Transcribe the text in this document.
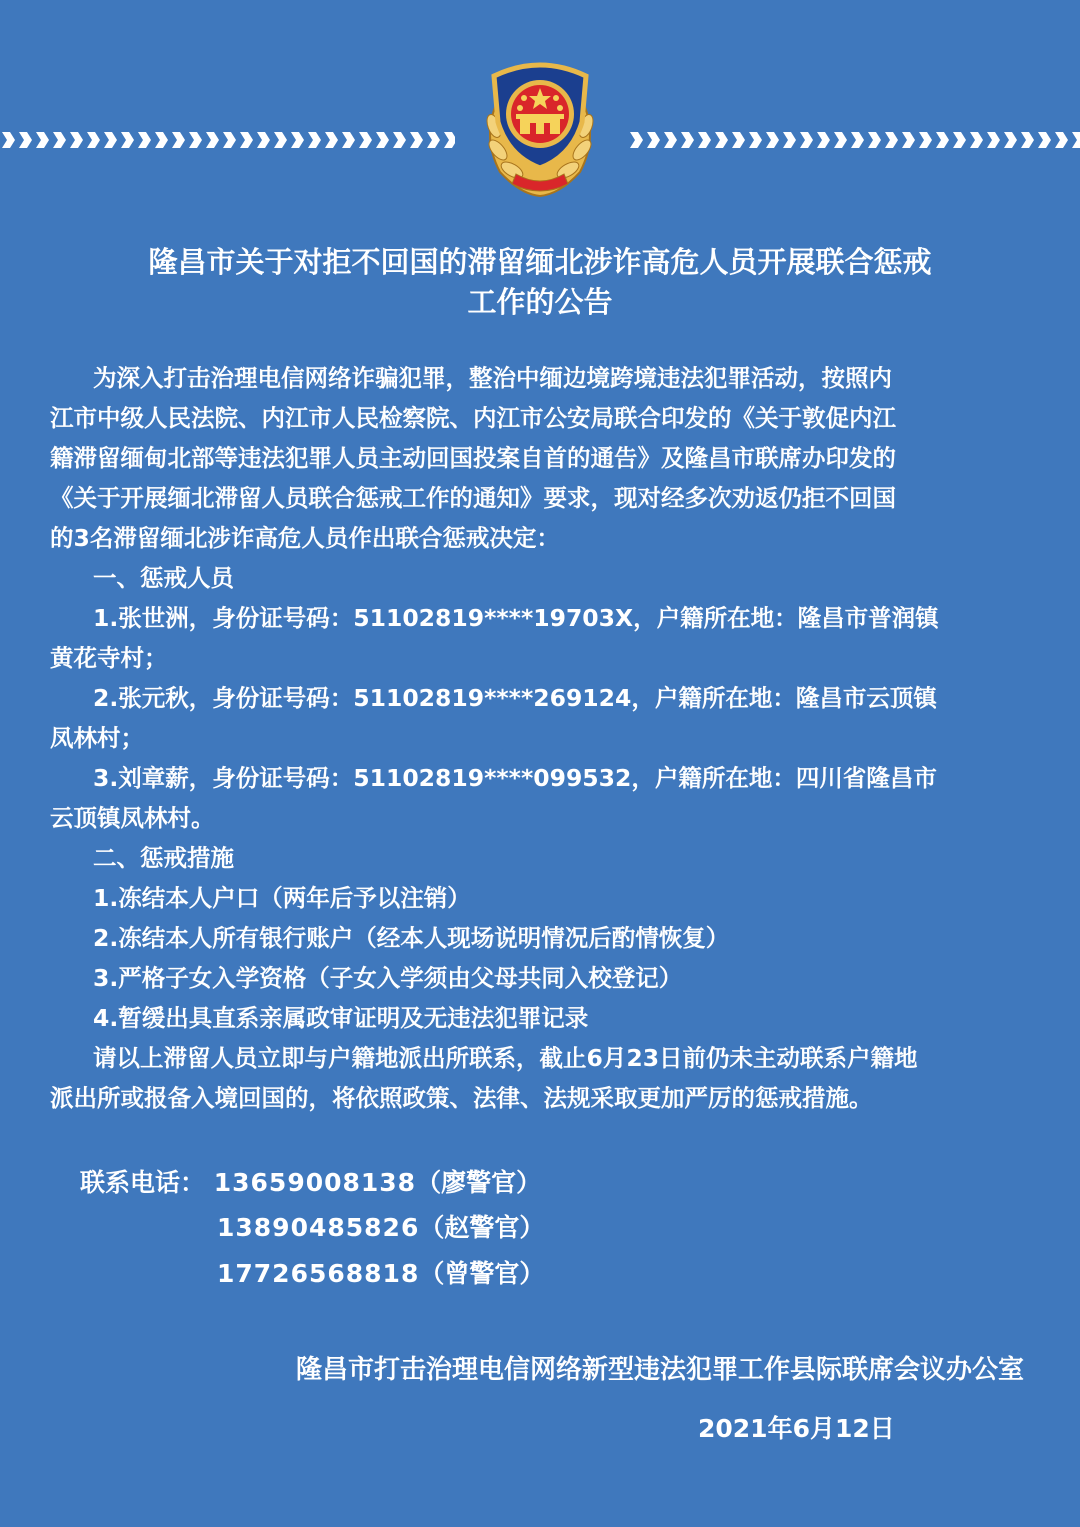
隆昌市关于对拒不回国的滞留缅北涉诈高危人员开展联合惩戒
工作的公告

为深入打击治理电信网络诈骗犯罪，整治中缅边境跨境违法犯罪活动，按照内

江市中级人民法院、内江市人民检察院、内江市公安局联合印发的《关于敦促内江

籍滞留缅甸北部等违法犯罪人员主动回国投案自首的通告》及隆昌市联席办印发的

《关于开展缅北滞留人员联合惩戒工作的通知》要求，现对经多次劝返仍拒不回国

的3名滞留缅北涉诈高危人员作出联合惩戒决定：

一、惩戒人员

1.张世洲，身份证号码：51102819****19703X，户籍所在地：隆昌市普润镇

黄花寺村；

2.张元秋，身份证号码：51102819****269124，户籍所在地：隆昌市云顶镇

凤林村；

3.刘章薪，身份证号码：51102819****099532，户籍所在地：四川省隆昌市

云顶镇凤林村。

二、惩戒措施

1.冻结本人户口（两年后予以注销）

2.冻结本人所有银行账户（经本人现场说明情况后酌情恢复）

3.严格子女入学资格（子女入学须由父母共同入校登记）

4.暂缓出具直系亲属政审证明及无违法犯罪记录

请以上滞留人员立即与户籍地派出所联系，截止6月23日前仍未主动联系户籍地

派出所或报备入境回国的，将依照政策、法律、法规采取更加严厉的惩戒措施。

联系电话： 13659008138（廖警官）
13890485826（赵警官）
17726568818（曾警官）
隆昌市打击治理电信网络新型违法犯罪工作县际联席会议办公室
2021年6月12日
